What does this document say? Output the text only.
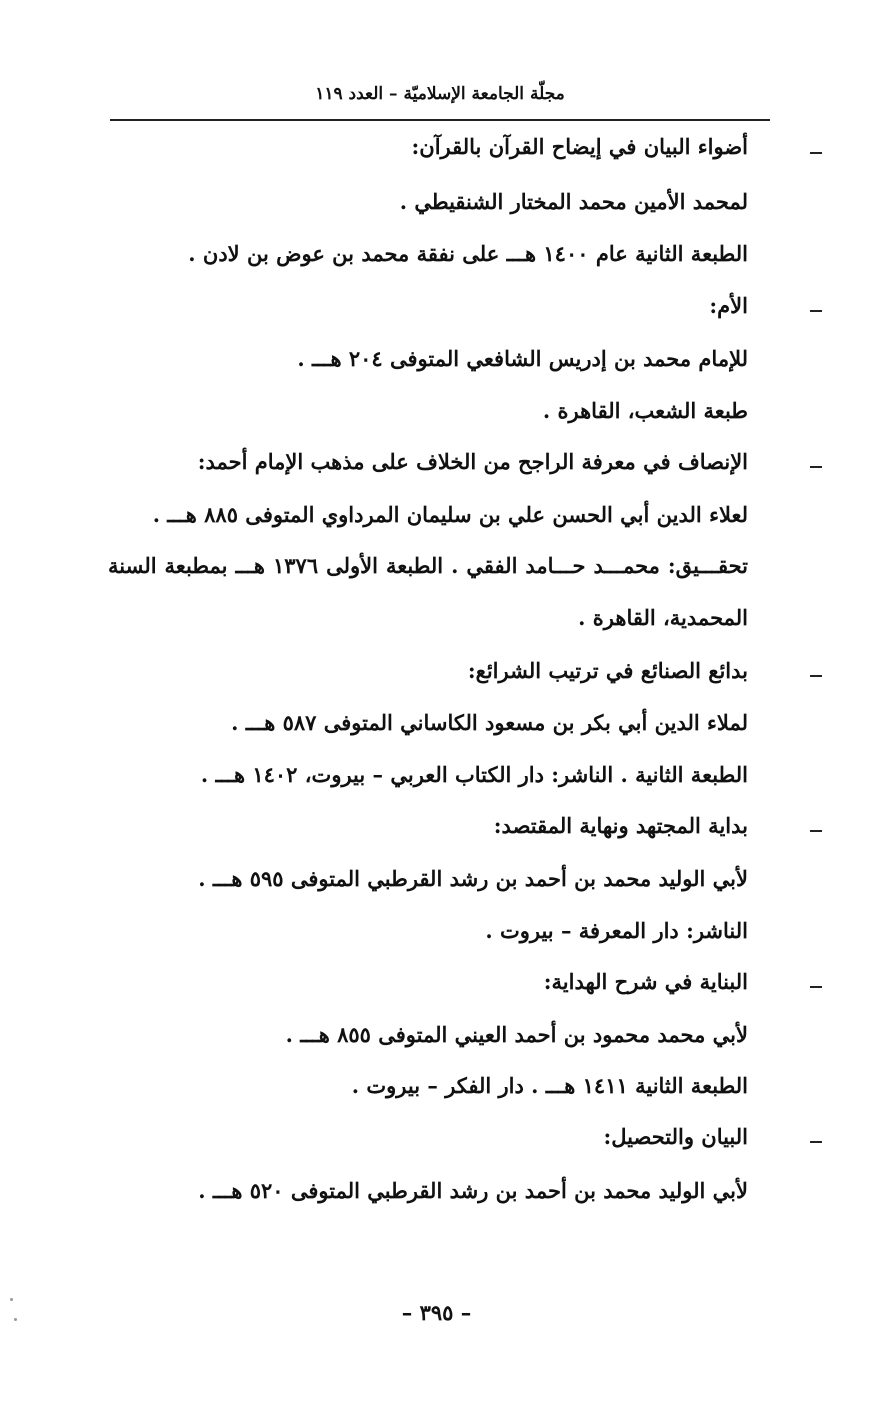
مجلّة الجامعة الإسلاميّة – العدد ١١٩
أضواء البيان في إيضاح القرآن بالقرآن:
لمحمد الأمين محمد المختار الشنقيطي .
الطبعة الثانية عام ١٤٠٠ هـــ على نفقة محمد بن عوض بن لادن .
الأم:
للإمام محمد بن إدريس الشافعي المتوفى ٢٠٤ هـــ .
طبعة الشعب، القاهرة .
الإنصاف في معرفة الراجح من الخلاف على مذهب الإمام أحمد:
لعلاء الدين أبي الحسن علي بن سليمان المرداوي المتوفى ٨٨٥ هـــ .
تحقـــيق: محمـــد حـــامد الفقي . الطبعة الأولى ١٣٧٦ هـــ بمطبعة السنة
المحمدية، القاهرة .
بدائع الصنائع في ترتيب الشرائع:
لملاء الدين أبي بكر بن مسعود الكاساني المتوفى ٥٨٧ هـــ .
الطبعة الثانية . الناشر: دار الكتاب العربي – بيروت، ١٤٠٢ هـــ .
بداية المجتهد ونهاية المقتصد:
لأبي الوليد محمد بن أحمد بن رشد القرطبي المتوفى ٥٩٥ هـــ .
الناشر: دار المعرفة – بيروت .
البناية في شرح الهداية:
لأبي محمد محمود بن أحمد العيني المتوفى ٨٥٥ هـــ .
الطبعة الثانية ١٤١١ هـــ . دار الفكر – بيروت .
البيان والتحصيل:
لأبي الوليد محمد بن أحمد بن رشد القرطبي المتوفى ٥٢٠ هـــ .
– ٣٩٥ –
